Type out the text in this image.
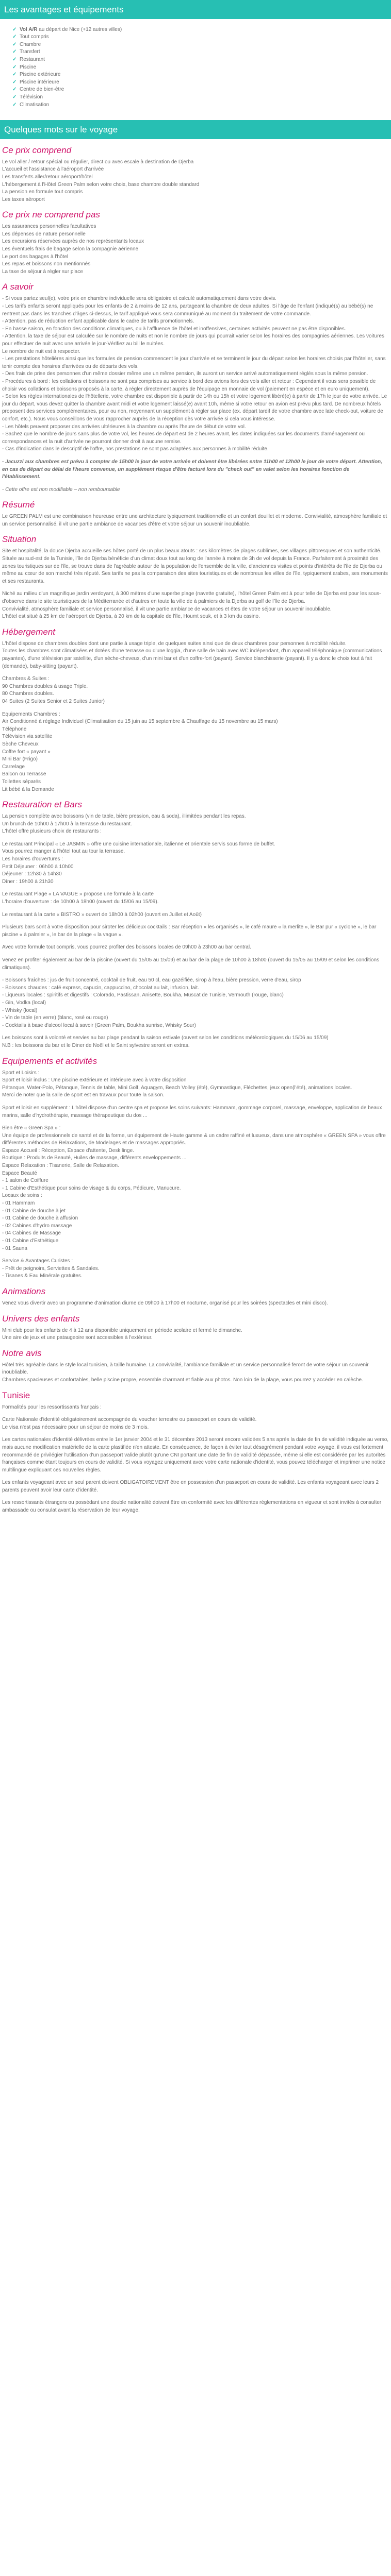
Les avantages et équipements
✓ Vol A/R au départ de Nice (+12 autres villes)
✓ Tout compris
✓ Chambre
✓ Transfert
✓ Restaurant
✓ Piscine
✓ Piscine extérieure
✓ Piscine intérieure
✓ Centre de bien-être
✓ Télévision
✓ Climatisation
Quelques mots sur le voyage
Ce prix comprend

Le vol aller / retour spécial ou régulier, direct ou avec escale à destination de Djerba
L'accueil et l'assistance à l'aéroport d'arrivée
Les transferts aller/retour aéroport/hôtel
L'hébergement à l'Hôtel Green Palm selon votre choix, base chambre double standard
La pension en formule tout compris
Les taxes aéroport

Ce prix ne comprend pas

Les assurances personnelles facultatives
Les dépenses de nature personnelle
Les excursions réservées auprès de nos représentants locaux
Les éventuels frais de bagage selon la compagnie aérienne
Le port des bagages à l'hôtel
Les repas et boissons non mentionnés
La taxe de séjour à régler sur place

A savoir

- Si vous partez seul(e), votre prix en chambre individuelle sera obligatoire et calculé automatiquement dans votre devis.
- Les tarifs enfants seront appliqués pour les enfants de 2 à moins de 12 ans, partageant la chambre de deux adultes. Si l'âge de l'enfant (indiqué(s) au bébé(s) ne rentrent pas dans les tranches d'âges ci-dessus, le tarif appliqué vous sera communiqué au moment du traitement de votre commande.
- Attention, pas de réduction enfant applicable dans le cadre de tarifs promotionnels.
- En basse saison, en fonction des conditions climatiques, ou à l'affluence de l'hôtel et inoffensives, certaines activités peuvent ne pas être disponibles.
- Attention, la taxe de séjour est calculée sur le nombre de nuits et non le nombre de jours qui pourrait varier selon les horaires des compagnies aériennes. Les voitures pour effectuer de nuit avec une arrivée le jour-Vérifiez au bill le nuitées.
Le nombre de nuit est à respecter.
- Les prestations hôtelières ainsi que les formules de pension commencent le jour d'arrivée et se terminent le jour du départ selon les horaires choisis par l'hôtelier, sans tenir compte des horaires d'arrivées ou de départs des vols.
- Des frais de prise des personnes d'un même dossier même une un même pension, ils auront un service arrivé automatiquement réglés sous la même pension.
- Procédures à bord : les collations et boissons ne sont pas comprises au service à bord des avions lors des vols aller et retour : Cependant il vous sera possible de choisir vos collations et boissons proposés à la carte, à régler directement auprès de l'équipage en monnaie de vol (paiement en espèce et en euro uniquement).
- Selon les règles internationales de l'hôtellerie, votre chambre est disponible à partir de 14h ou 15h et votre logement libéré(e) à partir de 17h le jour de votre arrivée. Le jour du départ, vous devez quitter la chambre avant midi et votre logement laissé(e) avant 10h, même si votre retour en avion est prévu plus tard. De nombreux hôtels proposent des services complémentaires, pour ou non, moyennant un supplément à régler sur place (ex. départ tardif de votre chambre avec late check-out, voiture de confort, etc.). Nous vous conseillons de vous rapprocher auprès de la réception dès votre arrivée si cela vous intéresse.
- Les hôtels peuvent proposer des arrivées ultérieures à la chambre ou après l'heure de début de votre vol.
- Sachez que le nombre de jours sans plus de votre vol, les heures de départ est de 2 heures avant, les dates indiquées sur les documents d'aménagement ou correspondances et la nuit d'arrivée ne pourront donner droit à aucune remise.
- Cas d'indication dans le descriptif de l'offre, nos prestations ne sont pas adaptées aux personnes à mobilité réduite.

- Jacuzzi aux chambres est prévu à compter de 15h00 le jour de votre arrivée et doivent être libérées entre 11h00 et 12h00 le jour de votre départ. Attention, en cas de départ ou délai de l'heure convenue, un supplément risque d'être facturé lors du "check out" en valet selon les horaires fonction de l'établissement.

- Cette offre est non modifiable – non remboursable

Résumé

Le GREEN PALM est une combinaison heureuse entre une architecture typiquement traditionnelle et un confort douillet et moderne. Convivialité, atmosphère familiale et un service personnalisé, il vit une partie ambiance de vacances d'être et votre séjour un souvenir inoubliable.

Situation

Site et hospitalité, la douce Djerba accueille ses hôtes porté de un plus beaux atouts : ses kilomètres de plages sublimes, ses villages pittoresques et son authenticité. Située au sud-est de la Tunisie, l'île de Djerba bénéficie d'un climat doux tout au long de l'année à moins de 3h de vol depuis la France. Parfaitement à proximité des zones touristiques sur de l'île, se trouve dans de l'agréable autour de la population de l'ensemble de la ville, d'anciennes visites et points d'intérêts de l'île de Djerba ou même au cœur de son marché très réputé. Ses tarifs ne pas la comparaison des sites touristiques et de nombreux les villes de l'île, typiquement arabes, ses monuments et ses restaurants.

Niché au milieu d'un magnifique jardin verdoyant, à 300 mètres d'une superbe plage (navette gratuite), l'hôtel Green Palm est à pour telle de Djerba est pour les sous-d'observe dans le site touristiques de la Méditerranée et d'autres en toute la ville de à palmiers de la Djerba au golf de l'île de Djerba.
Convivialité, atmosphère familiale et service personnalisé, il vit une partie ambiance de vacances et êtes de votre séjour un souvenir inoubliable.
L'hôtel est situé à 25 km de l'aéroport de Djerba, à 20 km de la capitale de l'île, Houmt souk, et à 3 km du casino.

Hébergement

L'hôtel dispose de chambres doubles dont une partie à usage triple, de quelques suites ainsi que de deux chambres pour personnes à mobilité réduite.
Toutes les chambres sont climatisées et dotées d'une terrasse ou d'une loggia, d'une salle de bain avec WC indépendant, d'un appareil téléphonique (communications payantes), d'une télévision par satellite, d'un sèche-cheveux, d'un mini bar et d'un coffre-fort (payant). Service blanchisserie (payant). Il y a donc le choix tout à fait (demande), baby-sitting (payant).

Chambres & Suites :
90 Chambres doubles à usage Triple.
80 Chambres doubles.
04 Suites (2 Suites Senior et 2 Suites Junior)

Equipements Chambres :
Air Conditionné à réglage Individuel (Climatisation du 15 juin au 15 septembre & Chauffage du 15 novembre au 15 mars)
Téléphone
Télévision via satellite
Sèche Cheveux
Coffre fort « payant »
Mini Bar (Frigo)
Carrelage
Balcon ou Terrasse
Toilettes séparés
Lit bébé à la Demande

Restauration et Bars

La pension complète avec boissons (vin de table, bière pression, eau & soda), illimitées pendant les repas.
Un brunch de 10h00 à 17h00 à la terrasse du restaurant.
L'hôtel offre plusieurs choix de restaurants :

Le restaurant Principal « Le JASMIN » offre une cuisine internationale, italienne et orientale servis sous forme de buffet.
Vous pourrez manger à l'hôtel tout au tour la terrasse.
Les horaires d'ouvertures :
Petit Déjeuner : 06h00 à 10h00
Déjeuner : 12h30 à 14h30
Dîner : 19h00 à 21h30

Le restaurant Plage « LA VAGUE » propose une formule à la carte
L'horaire d'ouverture : de 10h00 à 18h00 (ouvert du 15/06 au 15/09).

Le restaurant à la carte « BISTRO » ouvert de 18h00 à 02h00 (ouvert en Juillet et Août)

Plusieurs bars sont à votre disposition pour siroter les délicieux cocktails : Bar réception « les organisés », le café maure « la merlite », le Bar pur « cyclone », le bar piscine « à palmier », le bar de la plage « la vague ».

Avec votre formule tout compris, vous pourrez profiter des boissons locales de 09h00 à 23h00 au bar central.

Venez en profiter également au bar de la piscine (ouvert du 15/05 au 15/09) et au bar de la plage de 10h00 à 18h00 (ouvert du 15/05 au 15/09 et selon les conditions climatiques).

- Boissons fraîches : jus de fruit concentré, cocktail de fruit, eau 50 cl, eau gazéifiée, sirop à l'eau, bière pression, verre d'eau, sirop
- Boissons chaudes : café express, capucin, cappuccino, chocolat au lait, infusion, lait.
- Liqueurs locales : spiritifs et digestifs : Colorado, Pastissan, Anisette, Boukha, Muscat de Tunisie, Vermouth (rouge, blanc)
- Gin, Vodka (local)
- Whisky (local)
- Vin de table (en verre) (blanc, rosé ou rouge)
- Cocktails à base d'alcool local à savoir (Green Palm, Boukha sunrise, Whisky Sour)

Les boissons sont à volonté et servies au bar plage pendant la saison estivale (ouvert selon les conditions météorologiques du 15/06 au 15/09)
N.B : les boissons du bar et le Diner de Noël et le Saint sylvestre seront en extras.

Equipements et activités

Sport et Loisirs :
Sport et loisir inclus : Une piscine extérieure et intérieure avec à votre disposition
Pétanque, Water-Polo, Pétanque, Tennis de table, Mini Golf, Aquagym, Beach Volley (été), Gymnastique, Fléchettes, jeux open(l'été), animations locales.
Merci de noter que la salle de sport est en travaux pour toute la saison.

Sport et loisir en supplément : L'hôtel dispose d'un centre spa et propose les soins suivants: Hammam, gommage corporel, massage, enveloppe, application de beaux marins, salle d'hydrothérapie, massage thérapeutique du dos ...

Bien être « Green Spa » :
Une équipe de professionnels de santé et de la forme, un équipement de Haute gamme & un cadre raffiné et luxueux, dans une atmosphère « GREEN SPA » vous offre différentes méthodes de Relaxations, de Modelages et de massages appropriés.
Espace Accueil : Réception, Espace d'attente, Desk linge.
Boutique : Produits de Beauté, Huiles de massage, différents enveloppements ...
Espace Relaxation : Tisanerie, Salle de Relaxation.
Espace Beauté
- 1 salon de Coiffure
- 1 Cabine d'Esthétique pour soins de visage & du corps, Pédicure, Manucure.
Locaux de soins :
- 01 Hammam
- 01 Cabine de douche à jet
- 01 Cabine de douche à affusion
- 02 Cabines d'hydro massage
- 04 Cabines de Massage
- 01 Cabine d'Esthétique
- 01 Sauna

Service & Avantages Curistes :
- Prêt de peignoirs, Serviettes & Sandales.
- Tisanes & Eau Minérale gratuites.

Animations

Venez vous divertir avec un programme d'animation diurne de 09h00 à 17h00 et nocturne, organisé pour les soirées (spectacles et mini disco).

Univers des enfants

Mini club pour les enfants de 4 à 12 ans disponible uniquement en période scolaire et fermé le dimanche.
Une aire de jeux et une pataugeoire sont accessibles à l'extérieur.

Notre avis

Hôtel très agréable dans le style local tunisien, à taille humaine. La convivialité, l'ambiance familiale et un service personnalisé feront de votre séjour un souvenir inoubliable.
Chambres spacieuses et confortables, belle piscine propre, ensemble charmant et fiable aux photos. Non loin de la plage, vous pourrez y accéder en calèche.

Tunisie

Formalités pour les ressortissants français :

Carte Nationale d'identité obligatoirement accompagnée du voucher terrestre ou passeport en cours de validité.
Le visa n'est pas nécessaire pour un séjour de moins de 3 mois.

Les cartes nationales d'identité délivrées entre le 1er janvier 2004 et le 31 décembre 2013 seront encore validées 5 ans après la date de fin de validité indiquée au verso, mais aucune modification matérielle de la carte plastifiée n'en atteste. En conséquence, de façon à éviter tout désagrément pendant votre voyage, il vous est fortement recommandé de privilégier l'utilisation d'un passeport valide plutôt qu'une CNI portant une date de fin de validité dépassée, même si elle est considérée par les autorités françaises comme étant toujours en cours de validité. Si vous voyagez uniquement avec votre carte nationale d'identité, vous pouvez télécharger et imprimer une notice multilingue expliquant ces nouvelles règles.

Les enfants voyageant avec un seul parent doivent OBLIGATOIREMENT être en possession d'un passeport en cours de validité. Les enfants voyageant avec leurs 2 parents peuvent avoir leur carte d'identité.

Les ressortissants étrangers ou possédant une double nationalité doivent être en conformité avec les différentes réglementations en vigueur et sont invités à consulter ambassade ou consulat avant la réservation de leur voyage.
